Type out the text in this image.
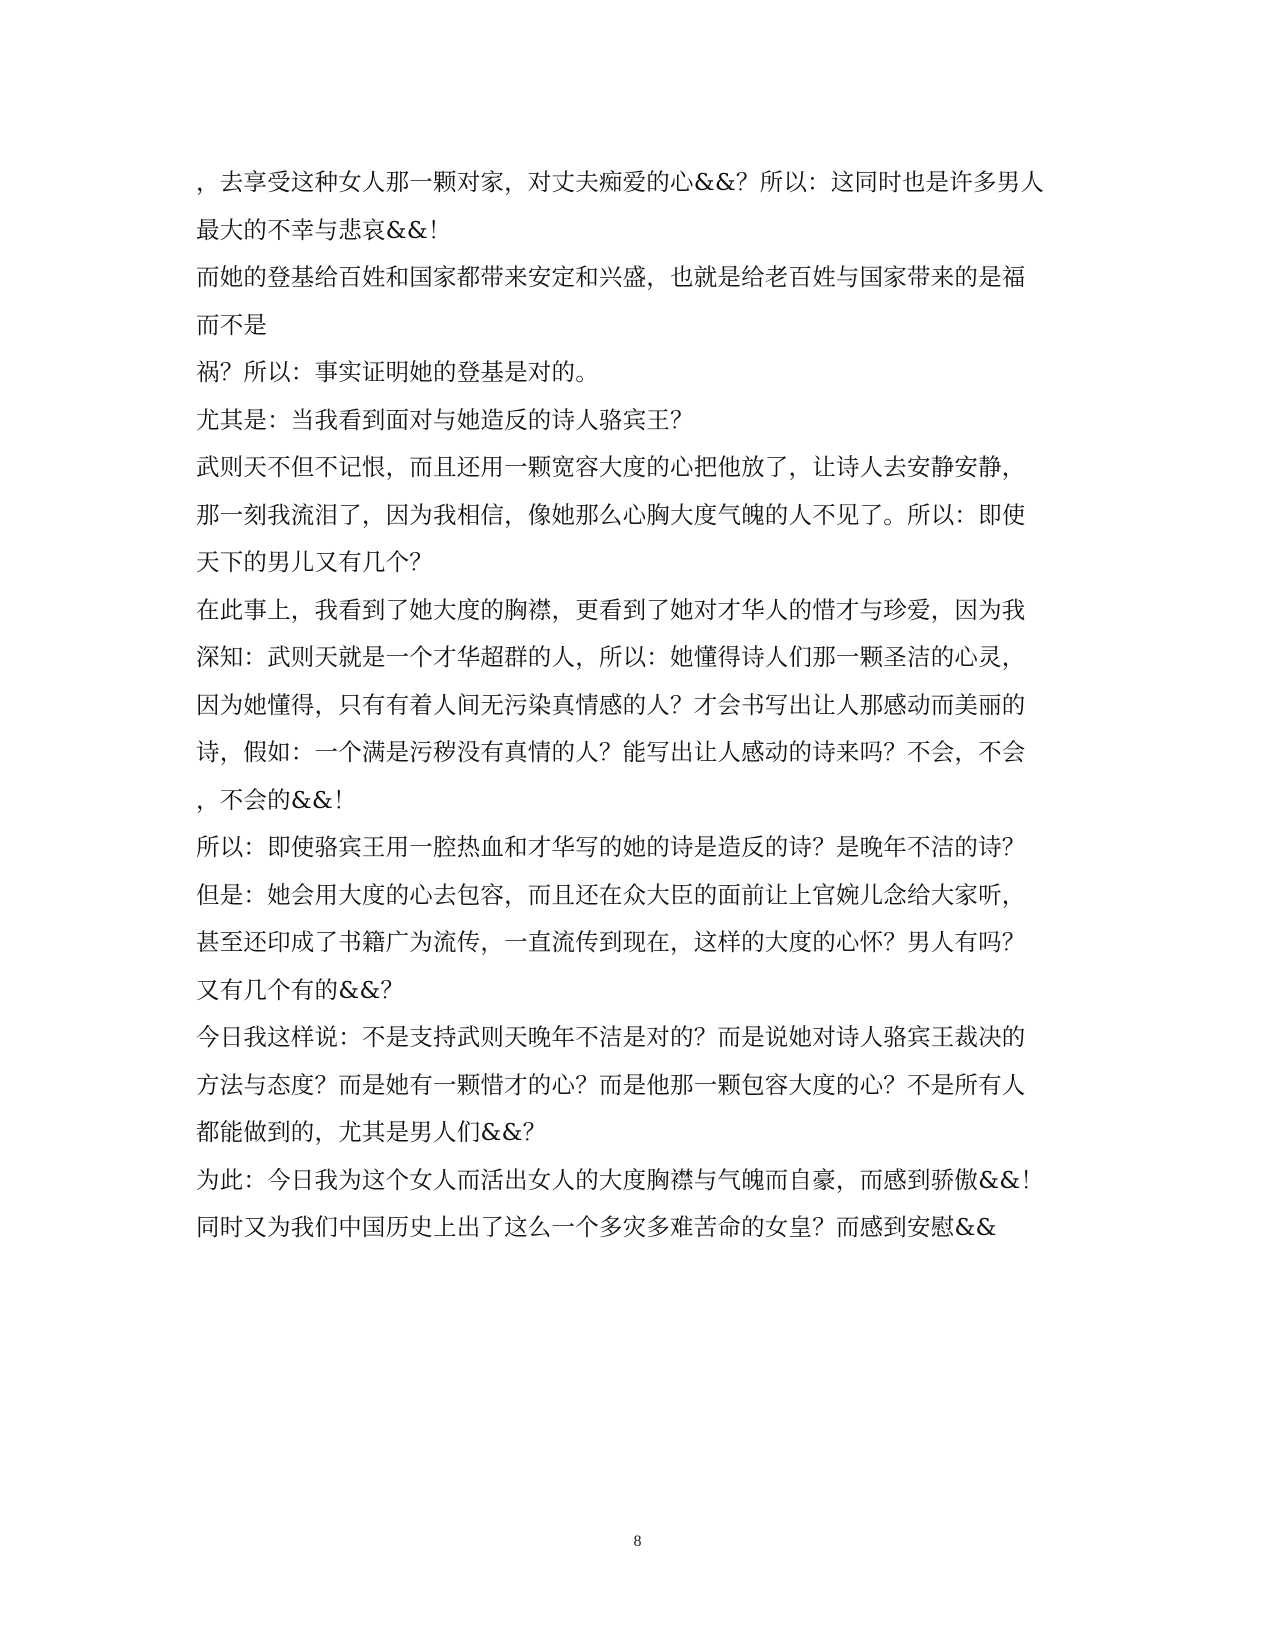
，去享受这种女人那一颗对家，对丈夫痴爱的心&&？所以：这同时也是许多男人
最大的不幸与悲哀&&！
而她的登基给百姓和国家都带来安定和兴盛，也就是给老百姓与国家带来的是福
而不是
祸？所以：事实证明她的登基是对的。
尤其是：当我看到面对与她造反的诗人骆宾王？
武则天不但不记恨，而且还用一颗宽容大度的心把他放了，让诗人去安静安静，
那一刻我流泪了，因为我相信，像她那么心胸大度气魄的人不见了。所以：即使
天下的男儿又有几个？
在此事上，我看到了她大度的胸襟，更看到了她对才华人的惜才与珍爱，因为我
深知：武则天就是一个才华超群的人，所以：她懂得诗人们那一颗圣洁的心灵，
因为她懂得，只有有着人间无污染真情感的人？才会书写出让人那感动而美丽的
诗，假如：一个满是污秽没有真情的人？能写出让人感动的诗来吗？不会，不会
，不会的&&！
所以：即使骆宾王用一腔热血和才华写的她的诗是造反的诗？是晚年不洁的诗？
但是：她会用大度的心去包容，而且还在众大臣的面前让上官婉儿念给大家听，
甚至还印成了书籍广为流传，一直流传到现在，这样的大度的心怀？男人有吗？
又有几个有的&&？
今日我这样说：不是支持武则天晚年不洁是对的？而是说她对诗人骆宾王裁决的
方法与态度？而是她有一颗惜才的心？而是他那一颗包容大度的心？不是所有人
都能做到的，尤其是男人们&&？
为此：今日我为这个女人而活出女人的大度胸襟与气魄而自豪，而感到骄傲&&！
同时又为我们中国历史上出了这么一个多灾多难苦命的女皇？而感到安慰&&
8
